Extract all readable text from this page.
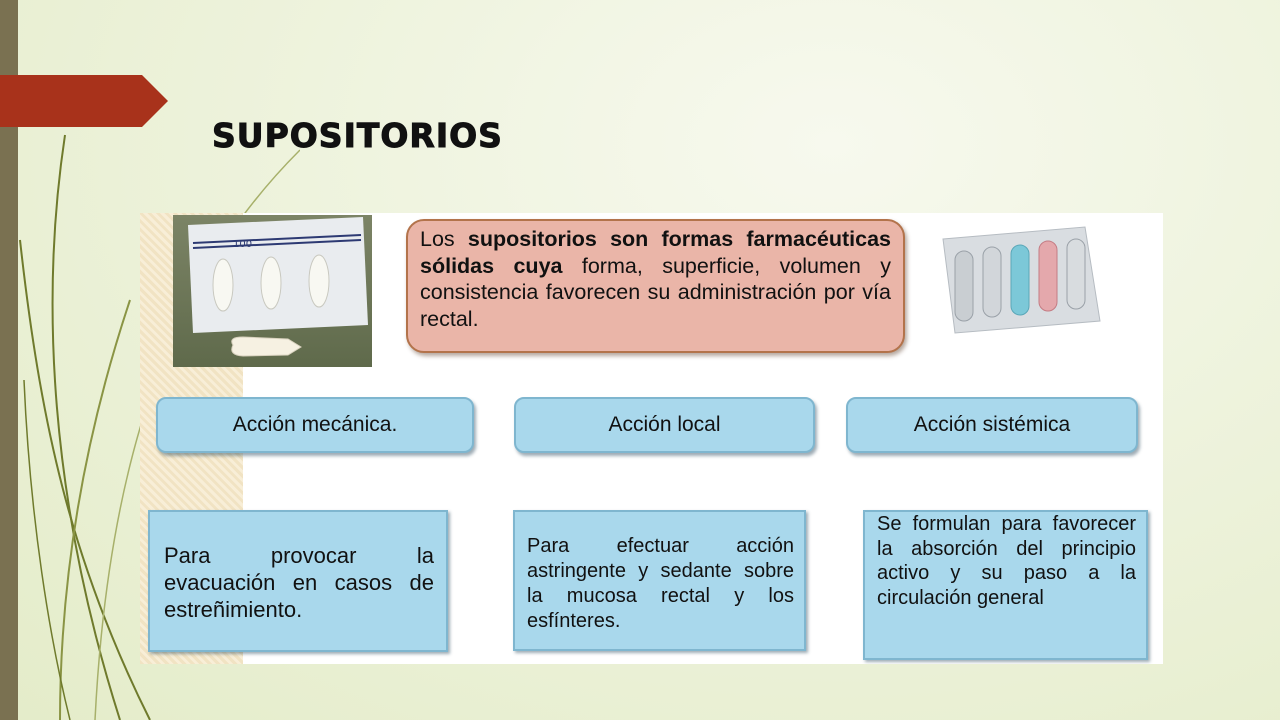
SUPOSITORIOS
100	Los supositorios son formas farmacéuticas sólidas cuya forma, superficie, volumen y consistencia favorecen su administración por vía rectal.
Acción mecánica.	Acción local	Acción sistémica
Para provocar la evacuación en casos de estreñimiento.
Para efectuar acción astringente y sedante sobre la mucosa rectal y los esfínteres.
Se formulan para favorecer la absorción del principio activo y su paso a la circulación general
